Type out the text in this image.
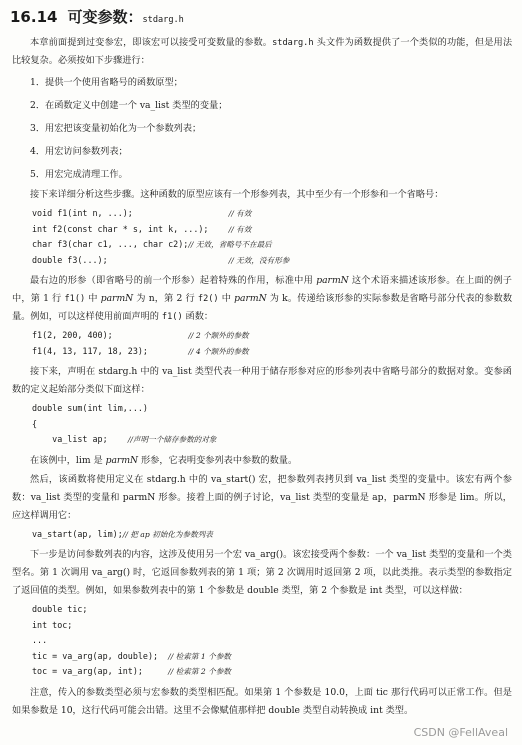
16.14 可变参数：stdarg.h

本章前面提到过变参宏，即该宏可以接受可变数量的参数。stdarg.h 头文件为函数提供了一个类似的功能，但是用法比较复杂。必须按如下步骤进行：

1．提供一个使用省略号的函数原型；
2．在函数定义中创建一个 va_list 类型的变量；
3．用宏把该变量初始化为一个参数列表；
4．用宏访问参数列表；
5．用宏完成清理工作。

接下来详细分析这些步骤。这种函数的原型应该有一个形参列表，其中至少有一个形参和一个省略号：

void f1(int n, ...);                   // 有效
int f2(const char * s, int k, ...);    // 有效
char f3(char c1, ..., char c2);// 无效，省略号不在最后
double f3(...);                        // 无效，没有形参

最右边的形参（即省略号的前一个形参）起着特殊的作用，标准中用 parmN 这个术语来描述该形参。在上面的例子中，第 1 行 f1() 中 parmN 为 n，第 2 行 f2() 中 parmN 为 k。传递给该形参的实际参数是省略号部分代表的参数数量。例如，可以这样使用前面声明的 f1() 函数：

f1(2, 200, 400);               // 2 个额外的参数
f1(4, 13, 117, 18, 23);        // 4 个额外的参数

接下来，声明在 stdarg.h 中的 va_list 类型代表一种用于储存形参对应的形参列表中省略号部分的数据对象。变参函数的定义起始部分类似下面这样：

double sum(int lim,...)
{
va_list ap;    //声明一个储存参数的对象

在该例中，lim 是 parmN 形参，它表明变参列表中参数的数量。

然后，该函数将使用定义在 stdarg.h 中的 va_start() 宏，把参数列表拷贝到 va_list 类型的变量中。该宏有两个参数：va_list 类型的变量和 parmN 形参。接着上面的例子讨论，va_list 类型的变量是 ap，parmN 形参是 lim。所以，应这样调用它：

va_start(ap, lim);// 把 ap 初始化为参数列表

下一步是访问参数列表的内容，这涉及使用另一个宏 va_arg()。该宏接受两个参数：一个 va_list 类型的变量和一个类型名。第 1 次调用 va_arg() 时，它返回参数列表的第 1 项；第 2 次调用时返回第 2 项，以此类推。表示类型的参数指定了返回值的类型。例如，如果参数列表中的第 1 个参数是 double 类型，第 2 个参数是 int 类型，可以这样做：

double tic;
int toc;
...
tic = va_arg(ap, double);  // 检索第 1 个参数
toc = va_arg(ap, int);     // 检索第 2 个参数

注意，传入的参数类型必须与宏参数的类型相匹配。如果第 1 个参数是 10.0，上面 tic 那行代码可以正常工作。但是如果参数是 10，这行代码可能会出错。这里不会像赋值那样把 double 类型自动转换成 int 类型。

CSDN @FellAveal
